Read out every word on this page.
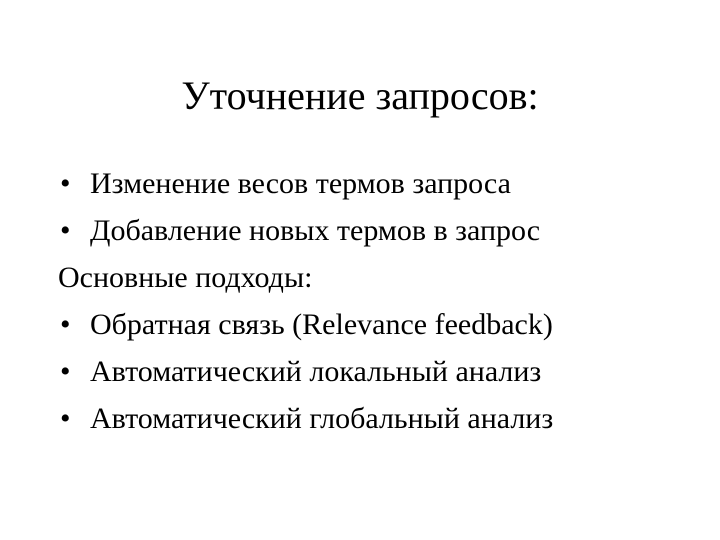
Уточнение запросов:
• Изменение весов термов запроса
• Добавление новых термов в запрос
Основные подходы:
• Обратная связь (Relevance feedback)
• Автоматический локальный анализ
• Автоматический глобальный анализ
